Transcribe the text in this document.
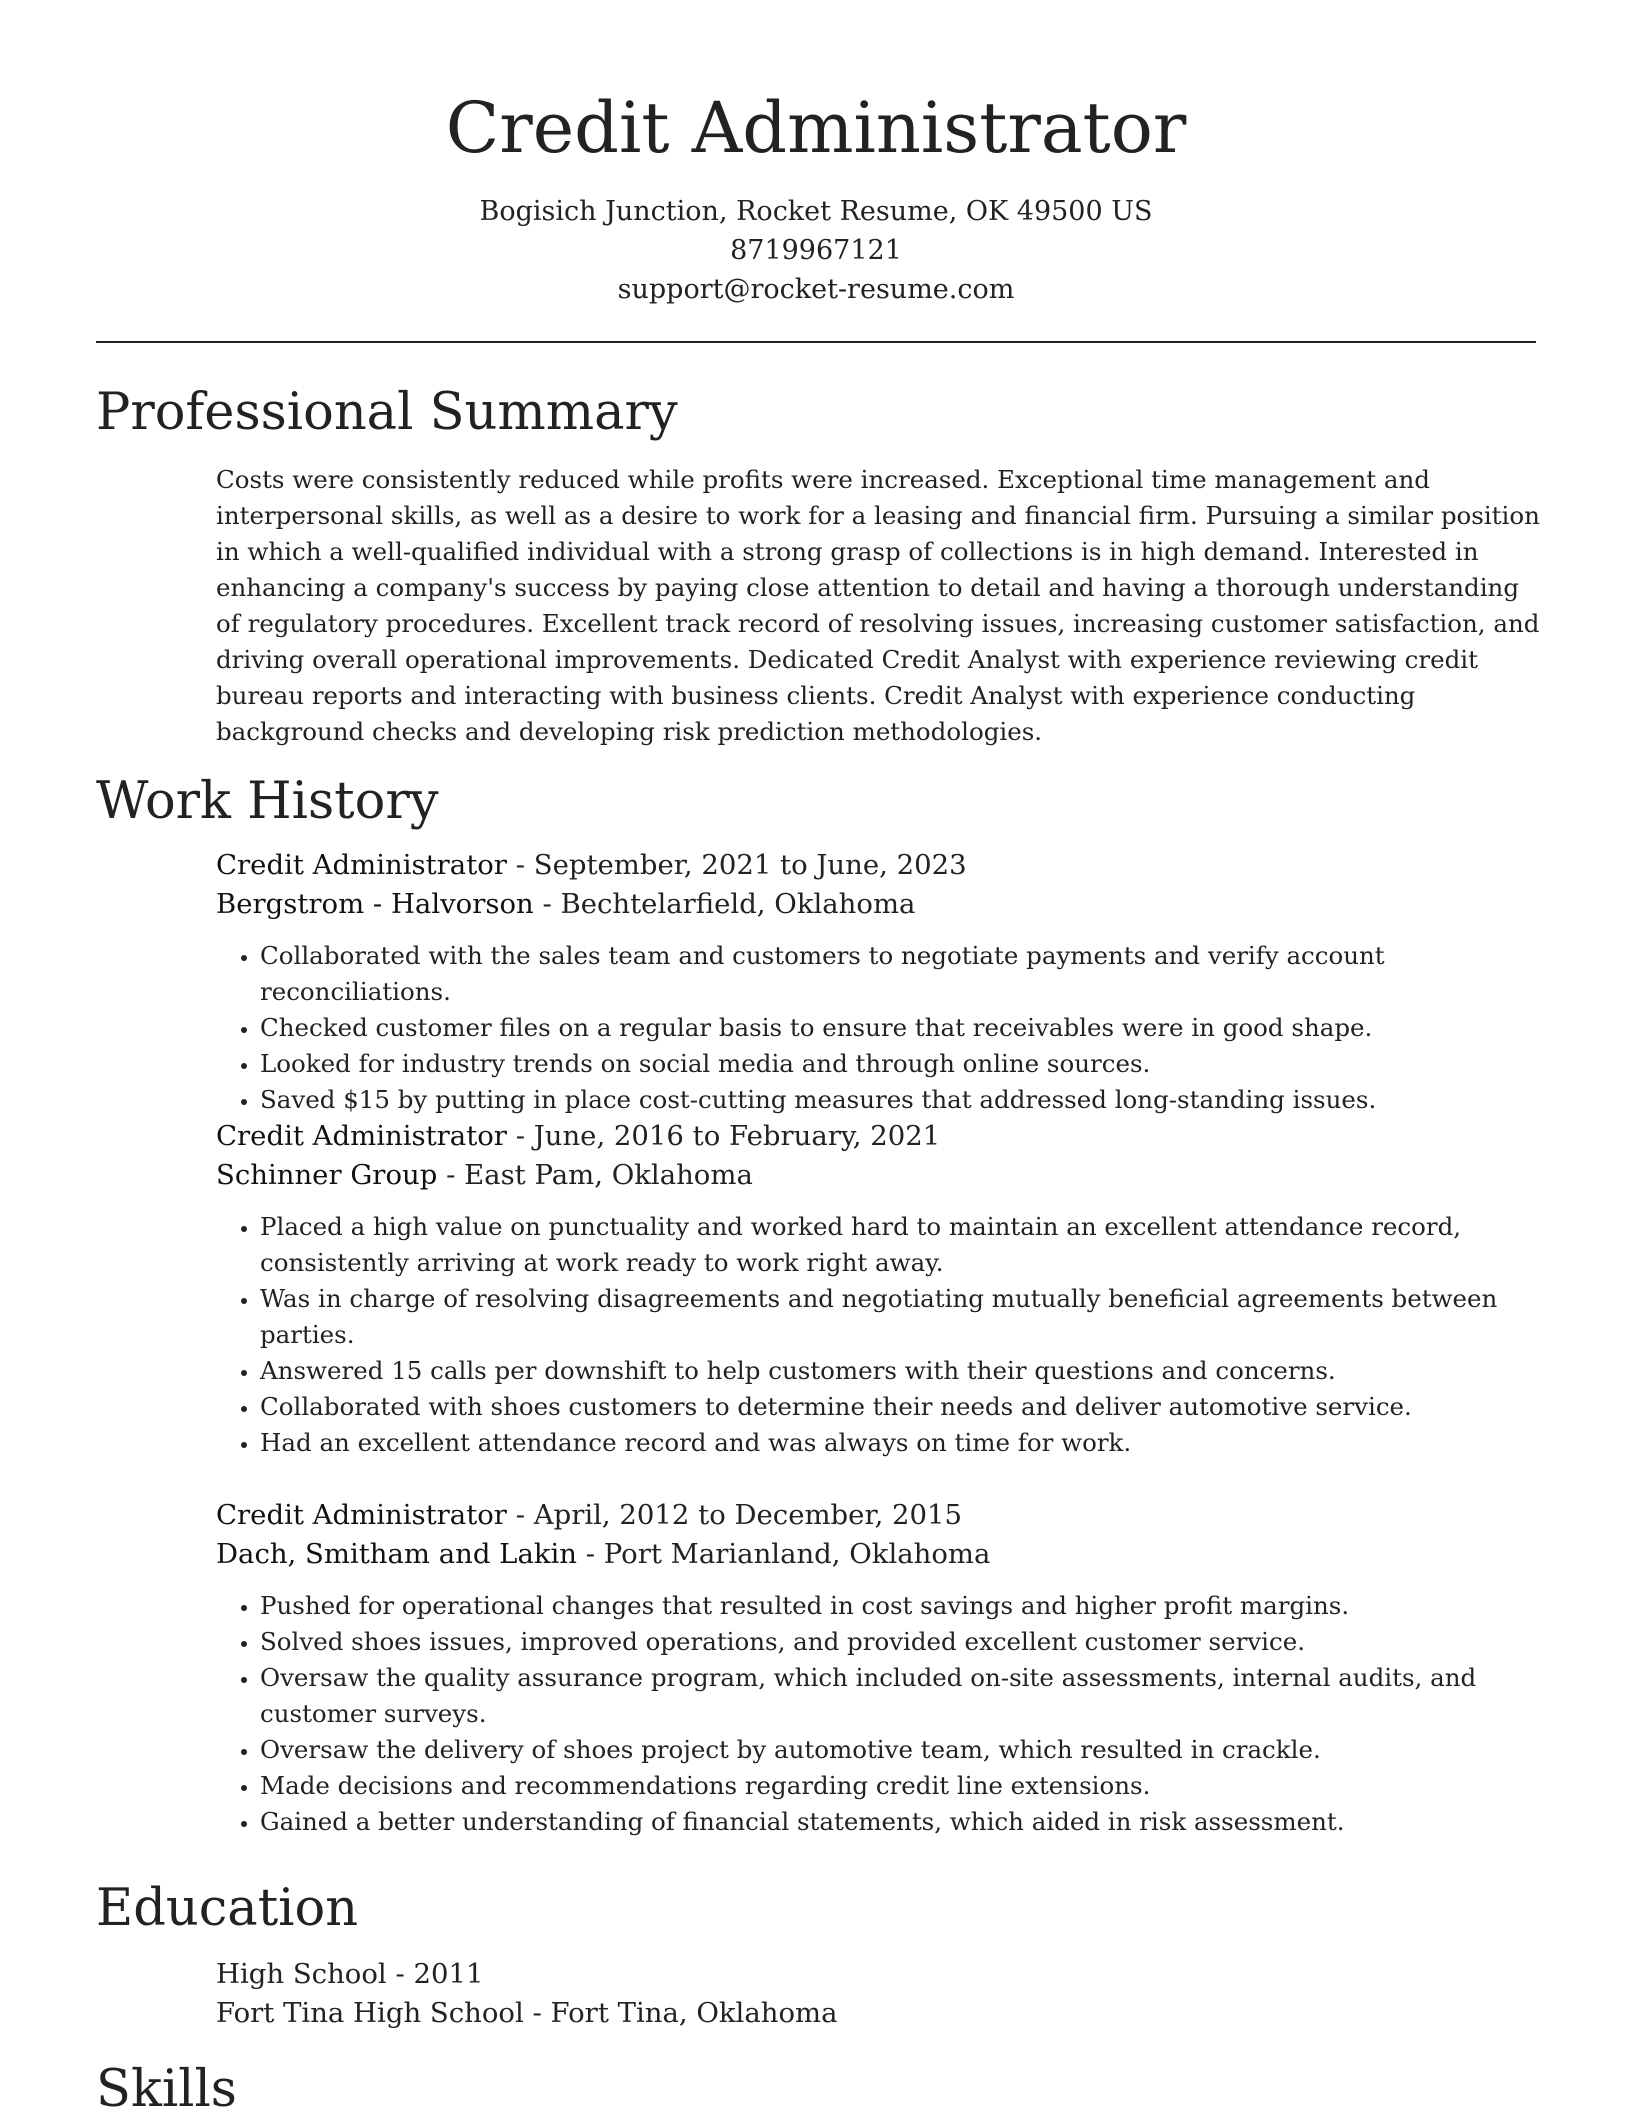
Credit Administrator
Bogisich Junction, Rocket Resume, OK 49500 US
8719967121
support@rocket-resume.com
Professional Summary

Costs were consistently reduced while profits were increased. Exceptional time management and interpersonal skills, as well as a desire to work for a leasing and financial firm. Pursuing a similar position in which a well-qualified individual with a strong grasp of collections is in high demand. Interested in enhancing a company's success by paying close attention to detail and having a thorough understanding of regulatory procedures. Excellent track record of resolving issues, increasing customer satisfaction, and driving overall operational improvements. Dedicated Credit Analyst with experience reviewing credit bureau reports and interacting with business clients. Credit Analyst with experience conducting background checks and developing risk prediction methodologies.

Work History
Credit Administrator - September, 2021 to June, 2023
Bergstrom - Halvorson - Bechtelarfield, Oklahoma
• Collaborated with the sales team and customers to negotiate payments and verify account reconciliations.
• Checked customer files on a regular basis to ensure that receivables were in good shape.
• Looked for industry trends on social media and through online sources.
• Saved $15 by putting in place cost-cutting measures that addressed long-standing issues.
Credit Administrator - June, 2016 to February, 2021
Schinner Group - East Pam, Oklahoma
• Placed a high value on punctuality and worked hard to maintain an excellent attendance record, consistently arriving at work ready to work right away.
• Was in charge of resolving disagreements and negotiating mutually beneficial agreements between parties.
• Answered 15 calls per downshift to help customers with their questions and concerns.
• Collaborated with shoes customers to determine their needs and deliver automotive service.
• Had an excellent attendance record and was always on time for work.
Credit Administrator - April, 2012 to December, 2015
Dach, Smitham and Lakin - Port Marianland, Oklahoma
• Pushed for operational changes that resulted in cost savings and higher profit margins.
• Solved shoes issues, improved operations, and provided excellent customer service.
• Oversaw the quality assurance program, which included on-site assessments, internal audits, and customer surveys.
• Oversaw the delivery of shoes project by automotive team, which resulted in crackle.
• Made decisions and recommendations regarding credit line extensions.
• Gained a better understanding of financial statements, which aided in risk assessment.
Education
High School - 2011
Fort Tina High School - Fort Tina, Oklahoma
Skills
